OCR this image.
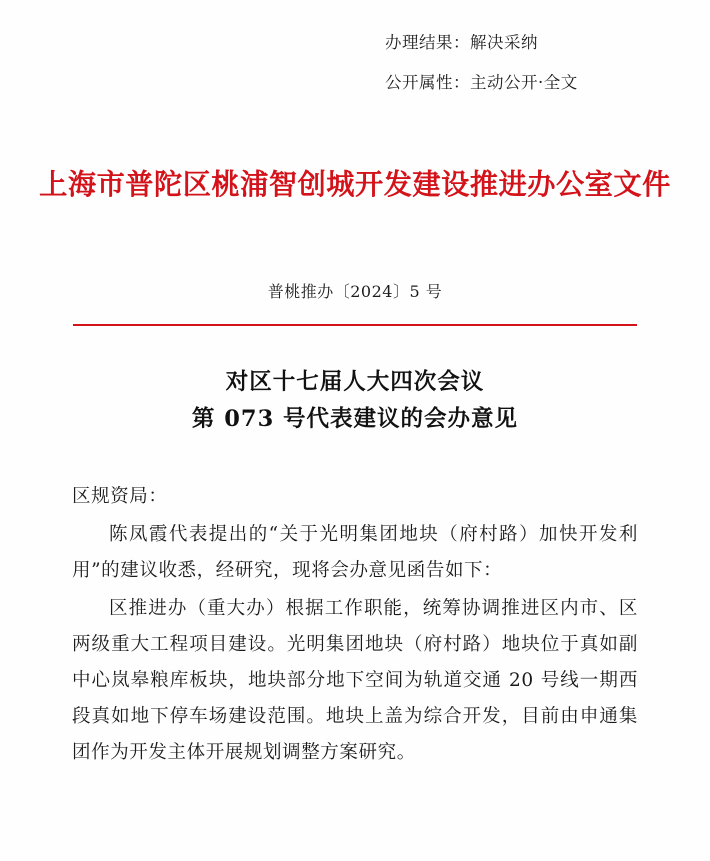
办理结果：解决采纳
公开属性：主动公开·全文
上海市普陀区桃浦智创城开发建设推进办公室文件
普桃推办〔2024〕5 号
对区十七届人大四次会议
第 073 号代表建议的会办意见
区规资局：

陈凤霞代表提出的“关于光明集团地块（府村路）加快开发利用”的建议收悉，经研究，现将会办意见函告如下：

区推进办（重大办）根据工作职能，统筹协调推进区内市、区两级重大工程项目建设。光明集团地块（府村路）地块位于真如副中心岚皋粮库板块，地块部分地下空间为轨道交通 20 号线一期西段真如地下停车场建设范围。地块上盖为综合开发，目前由申通集团作为开发主体开展规划调整方案研究。
